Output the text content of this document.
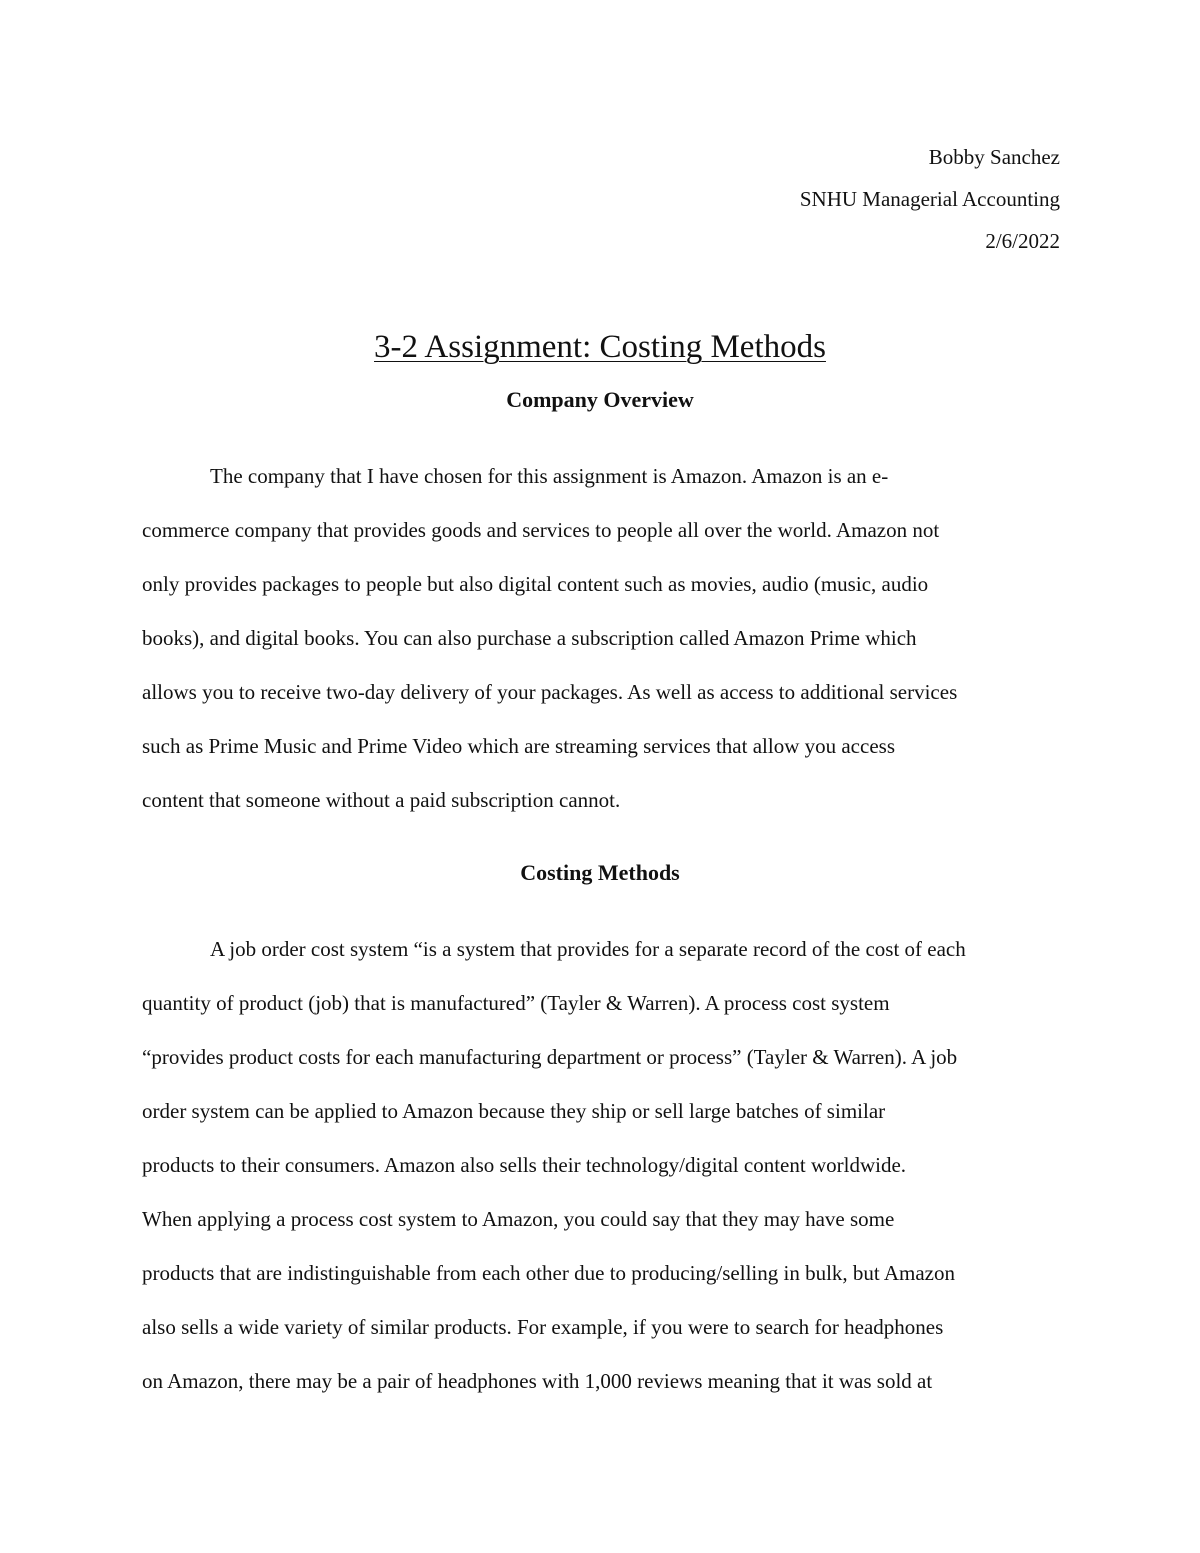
Bobby Sanchez
SNHU Managerial Accounting
2/6/2022
3-2 Assignment: Costing Methods
Company Overview
The company that I have chosen for this assignment is Amazon. Amazon is an e-
commerce company that provides goods and services to people all over the world. Amazon not
only provides packages to people but also digital content such as movies, audio (music, audio
books), and digital books. You can also purchase a subscription called Amazon Prime which
allows you to receive two-day delivery of your packages. As well as access to additional services
such as Prime Music and Prime Video which are streaming services that allow you access
content that someone without a paid subscription cannot.
Costing Methods
A job order cost system “is a system that provides for a separate record of the cost of each
quantity of product (job) that is manufactured” (Tayler & Warren). A process cost system
“provides product costs for each manufacturing department or process” (Tayler & Warren). A job
order system can be applied to Amazon because they ship or sell large batches of similar
products to their consumers. Amazon also sells their technology/digital content worldwide.
When applying a process cost system to Amazon, you could say that they may have some
products that are indistinguishable from each other due to producing/selling in bulk, but Amazon
also sells a wide variety of similar products. For example, if you were to search for headphones
on Amazon, there may be a pair of headphones with 1,000 reviews meaning that it was sold at
